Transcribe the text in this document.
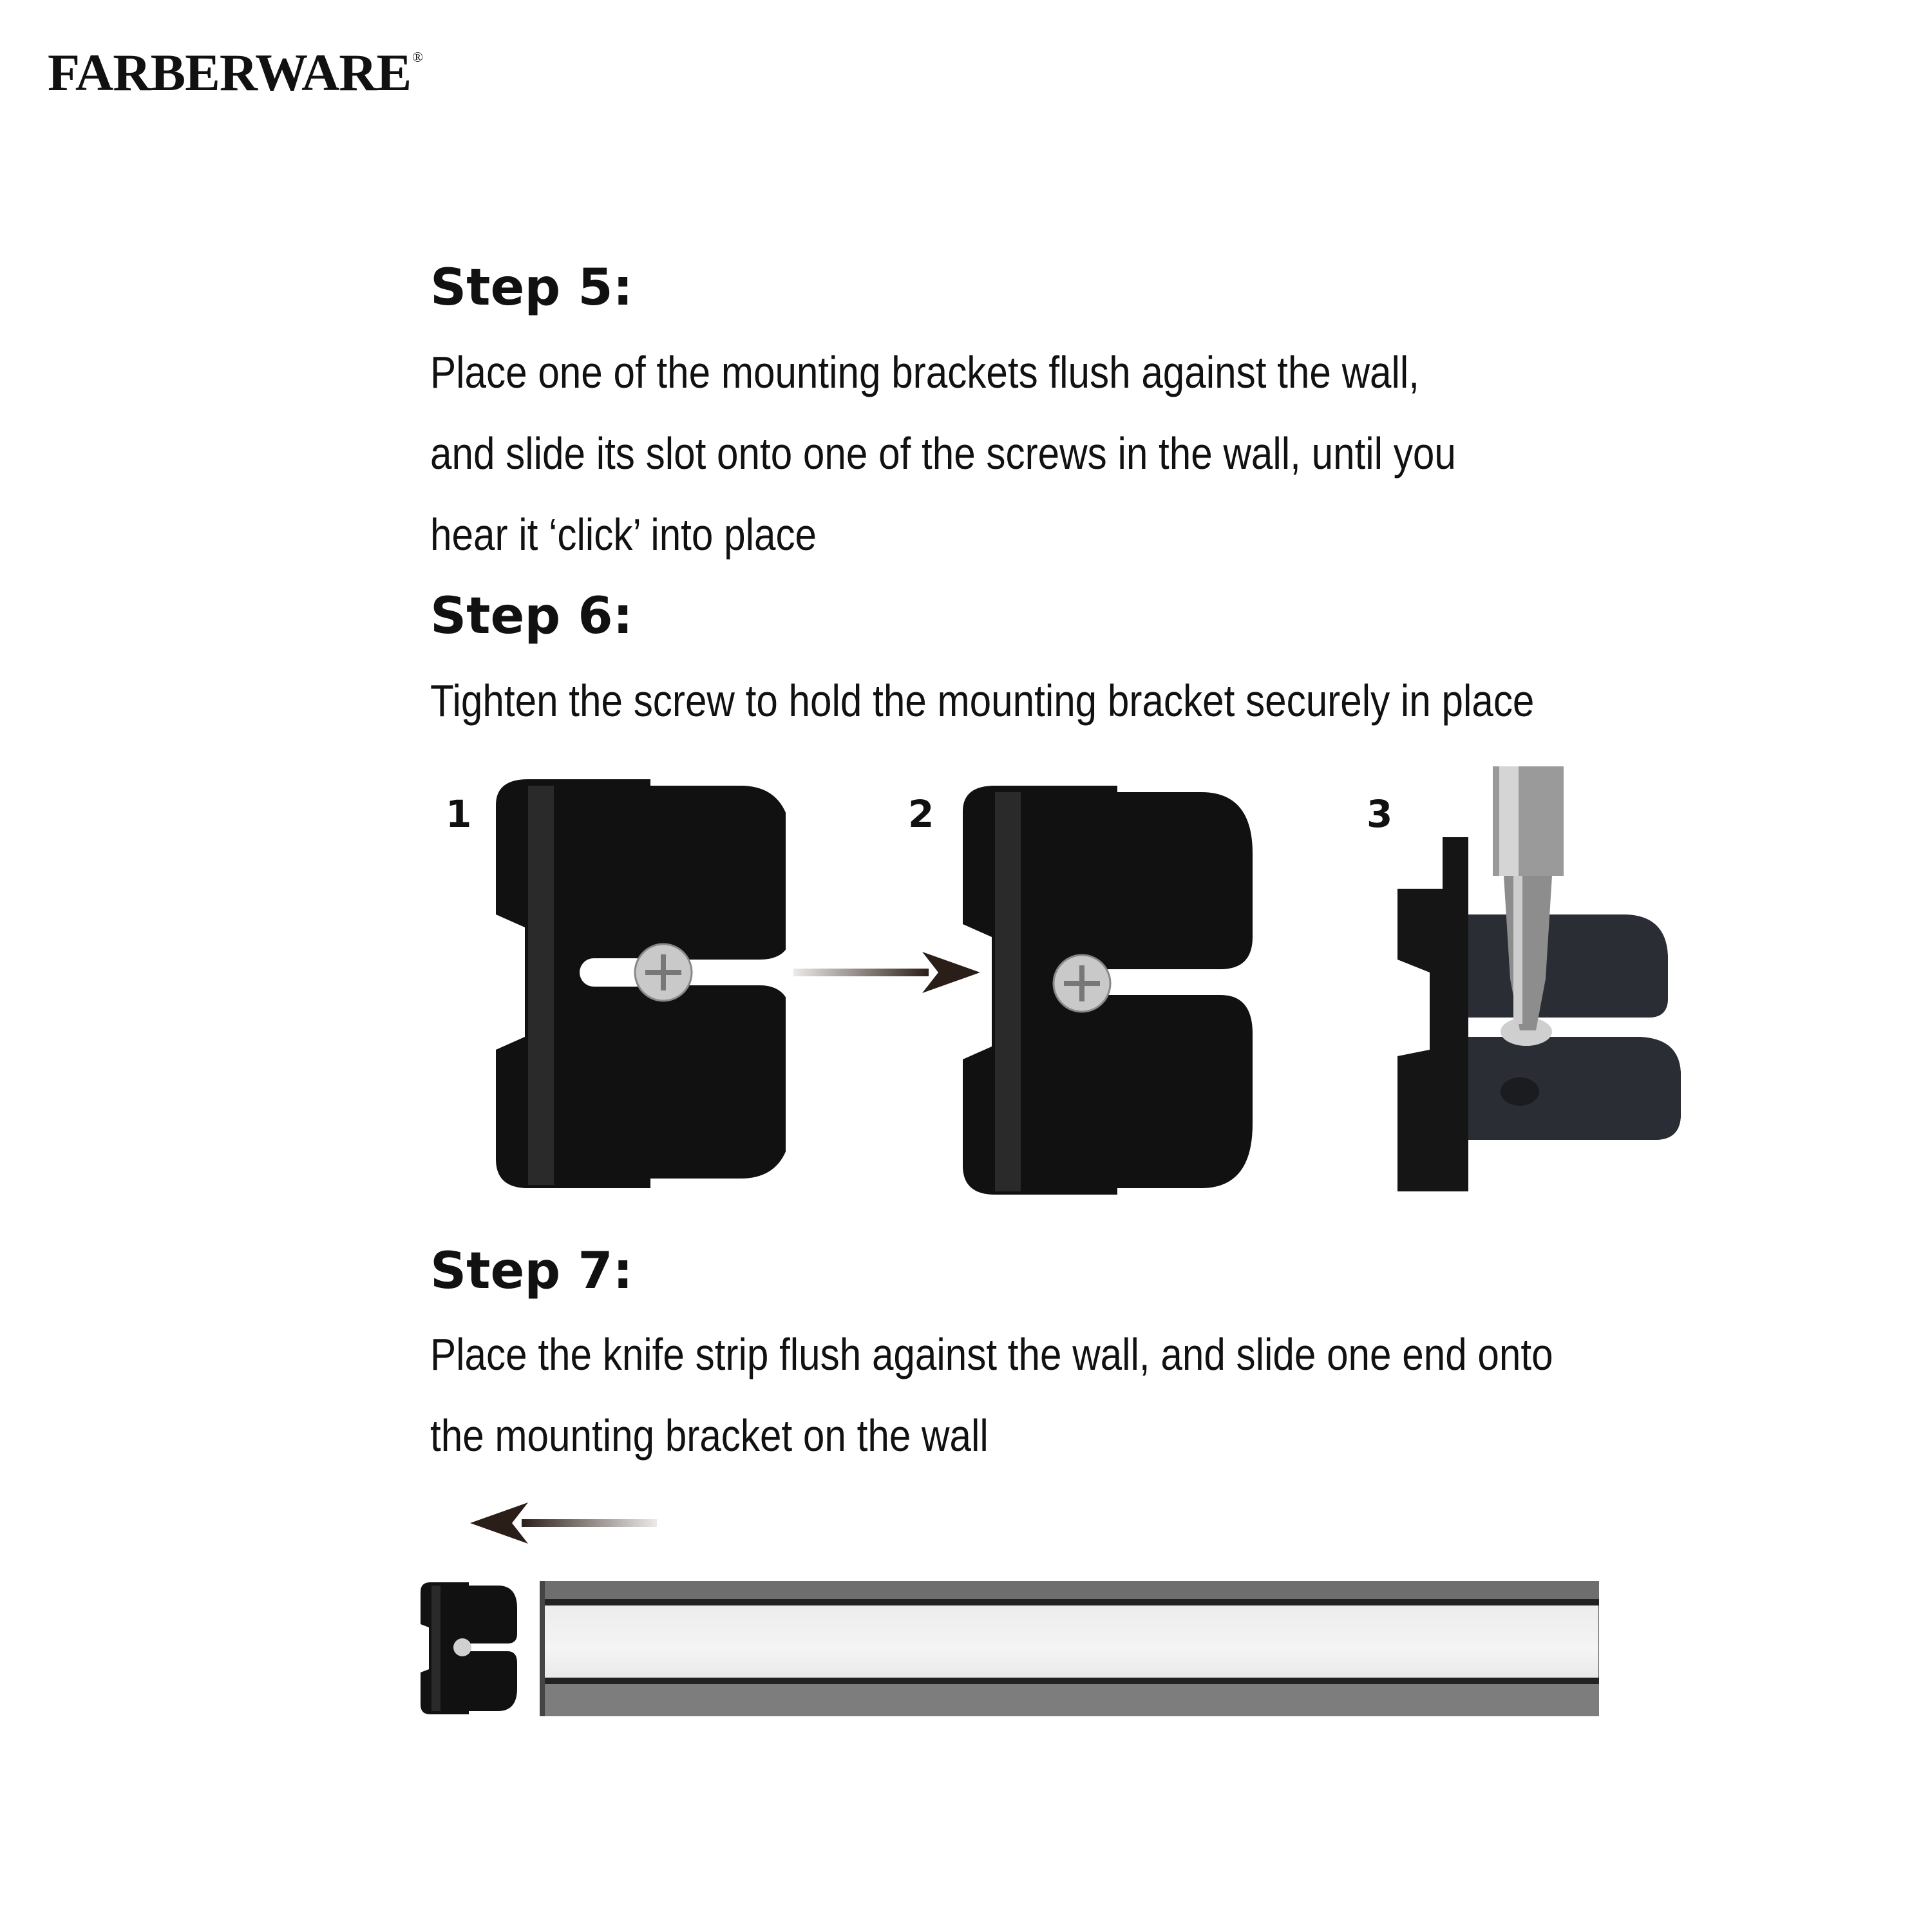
FARBERWARE®
Step 5:

Place one of the mounting brackets flush against the wall,
and slide its slot onto one of the screws in the wall, until you
hear it ‘click’ into place

Step 6:

Tighten the screw to hold the mounting bracket securely in place

1	2	3
Step 7:

Place the knife strip flush against the wall, and slide one end onto
the mounting bracket on the wall
